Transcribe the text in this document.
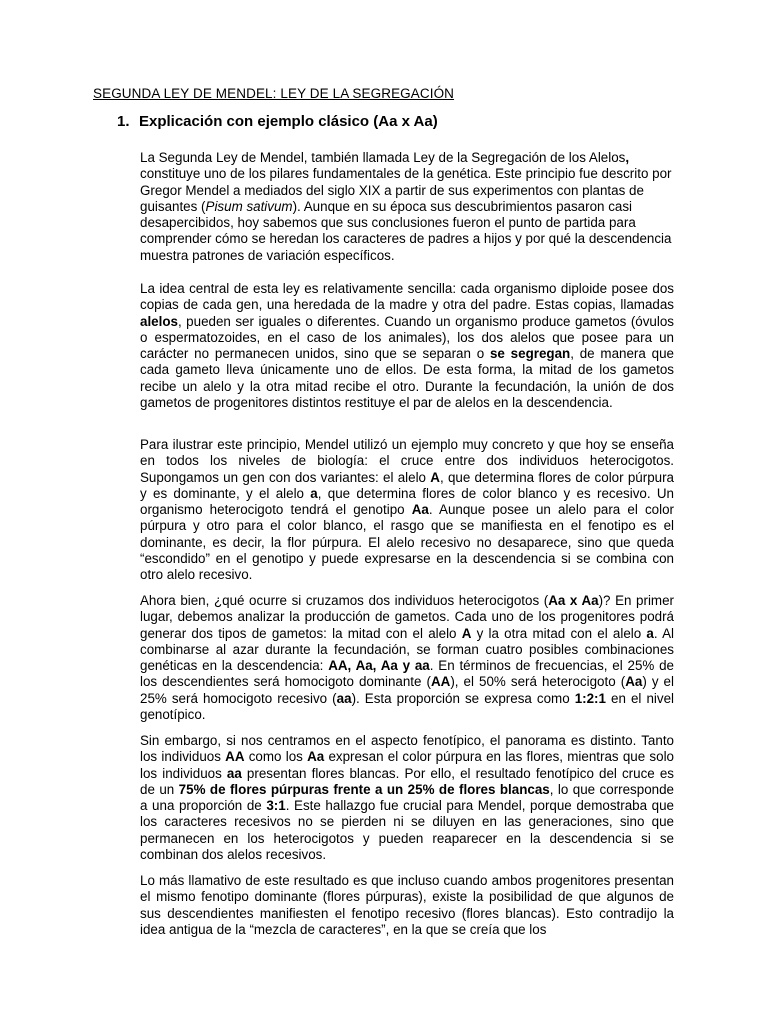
SEGUNDA LEY DE MENDEL: LEY DE LA SEGREGACIÓN
1. Explicación con ejemplo clásico (Aa x Aa)

La Segunda Ley de Mendel, también llamada Ley de la Segregación de los Alelos, constituye uno de los pilares fundamentales de la genética. Este principio fue descrito por Gregor Mendel a mediados del siglo XIX a partir de sus experimentos con plantas de guisantes (Pisum sativum). Aunque en su época sus descubrimientos pasaron casi desapercibidos, hoy sabemos que sus conclusiones fueron el punto de partida para comprender cómo se heredan los caracteres de padres a hijos y por qué la descendencia muestra patrones de variación específicos.

La idea central de esta ley es relativamente sencilla: cada organismo diploide posee dos copias de cada gen, una heredada de la madre y otra del padre. Estas copias, llamadas alelos, pueden ser iguales o diferentes. Cuando un organismo produce gametos (óvulos o espermatozoides, en el caso de los animales), los dos alelos que posee para un carácter no permanecen unidos, sino que se separan o se segregan, de manera que cada gameto lleva únicamente uno de ellos. De esta forma, la mitad de los gametos recibe un alelo y la otra mitad recibe el otro. Durante la fecundación, la unión de dos gametos de progenitores distintos restituye el par de alelos en la descendencia.

Para ilustrar este principio, Mendel utilizó un ejemplo muy concreto y que hoy se enseña en todos los niveles de biología: el cruce entre dos individuos heterocigotos. Supongamos un gen con dos variantes: el alelo A, que determina flores de color púrpura y es dominante, y el alelo a, que determina flores de color blanco y es recesivo. Un organismo heterocigoto tendrá el genotipo Aa. Aunque posee un alelo para el color púrpura y otro para el color blanco, el rasgo que se manifiesta en el fenotipo es el dominante, es decir, la flor púrpura. El alelo recesivo no desaparece, sino que queda “escondido” en el genotipo y puede expresarse en la descendencia si se combina con otro alelo recesivo.

Ahora bien, ¿qué ocurre si cruzamos dos individuos heterocigotos (Aa x Aa)? En primer lugar, debemos analizar la producción de gametos. Cada uno de los progenitores podrá generar dos tipos de gametos: la mitad con el alelo A y la otra mitad con el alelo a. Al combinarse al azar durante la fecundación, se forman cuatro posibles combinaciones genéticas en la descendencia: AA, Aa, Aa y aa. En términos de frecuencias, el 25% de los descendientes será homocigoto dominante (AA), el 50% será heterocigoto (Aa) y el 25% será homocigoto recesivo (aa). Esta proporción se expresa como 1:2:1 en el nivel genotípico.

Sin embargo, si nos centramos en el aspecto fenotípico, el panorama es distinto. Tanto los individuos AA como los Aa expresan el color púrpura en las flores, mientras que solo los individuos aa presentan flores blancas. Por ello, el resultado fenotípico del cruce es de un 75% de flores púrpuras frente a un 25% de flores blancas, lo que corresponde a una proporción de 3:1. Este hallazgo fue crucial para Mendel, porque demostraba que los caracteres recesivos no se pierden ni se diluyen en las generaciones, sino que permanecen en los heterocigotos y pueden reaparecer en la descendencia si se combinan dos alelos recesivos.

Lo más llamativo de este resultado es que incluso cuando ambos progenitores presentan el mismo fenotipo dominante (flores púrpuras), existe la posibilidad de que algunos de sus descendientes manifiesten el fenotipo recesivo (flores blancas). Esto contradijo la idea antigua de la “mezcla de caracteres”, en la que se creía que los
